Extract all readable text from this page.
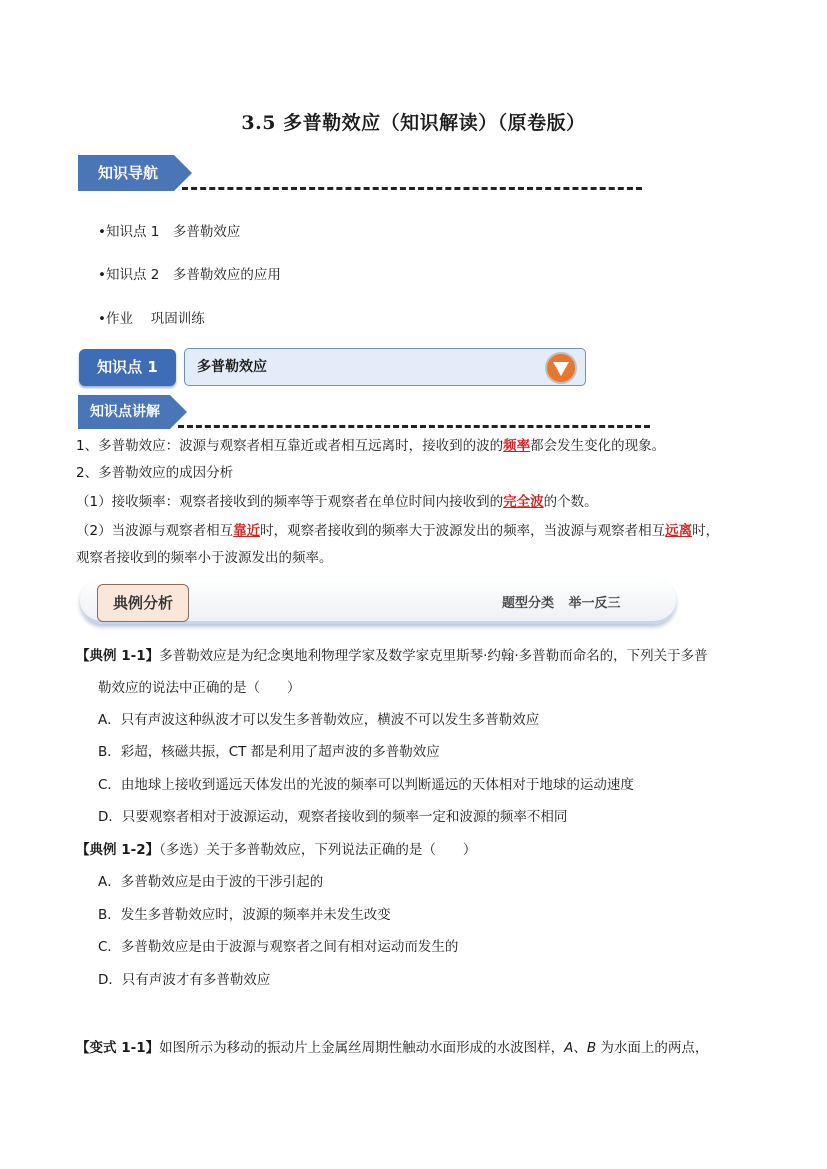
3.5 多普勒效应（知识解读）（原卷版）
知识导航
•知识点 1　多普勒效应
•知识点 2　多普勒效应的应用
•作业　 巩固训练
知识点 1	多普勒效应
知识点讲解
1、多普勒效应：波源与观察者相互靠近或者相互远离时，接收到的波的频率都会发生变化的现象。
2、多普勒效应的成因分析
（1）接收频率：观察者接收到的频率等于观察者在单位时间内接收到的完全波的个数。
（2）当波源与观察者相互靠近时，观察者接收到的频率大于波源发出的频率，当波源与观察者相互远离时，
观察者接收到的频率小于波源发出的频率。
典例分析	题型分类 举一反三
【典例 1-1】多普勒效应是为纪念奥地利物理学家及数学家克里斯琴·约翰·多普勒而命名的，下列关于多普
勒效应的说法中正确的是（　　）
A．只有声波这种纵波才可以发生多普勒效应，横波不可以发生多普勒效应
B．彩超，核磁共振，CT 都是利用了超声波的多普勒效应
C．由地球上接收到遥远天体发出的光波的频率可以判断遥远的天体相对于地球的运动速度
D．只要观察者相对于波源运动，观察者接收到的频率一定和波源的频率不相同
【典例 1-2】（多选）关于多普勒效应，下列说法正确的是（　　）
A．多普勒效应是由于波的干涉引起的
B．发生多普勒效应时，波源的频率并未发生改变
C．多普勒效应是由于波源与观察者之间有相对运动而发生的
D．只有声波才有多普勒效应
【变式 1-1】如图所示为移动的振动片上金属丝周期性触动水面形成的水波图样，A、B 为水面上的两点，
